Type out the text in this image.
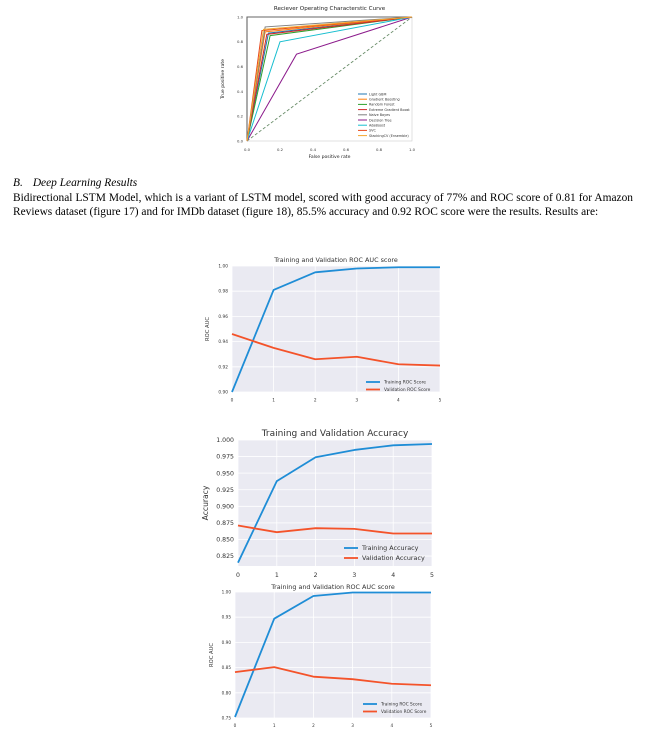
Reciever Operating Characterstic Curve
0.0	0.2	0.4	0.6	0.8	1.0
0.0
0.2
0.4
0.6
0.8
1.0
False positive rate
True positive rate	Light GBM
Gradient Boosting
Random Forest
Extreme Gradient Boost
Naive Bayes
Decision Tree
AdaBoost
SVC
StackingCV (Ensemble)

B. Deep Learning Results

Bidirectional LSTM Model, which is a variant of LSTM model, scored with good accuracy of 77% and ROC score of 0.81 for Amazon Reviews dataset (figure 17) and for IMDb dataset (figure 18), 85.5% accuracy and 0.92 ROC score were the results. Results are:

Training and Validation ROC AUC score
0.90
0.92
0.94
0.96
0.98
1.00
0	1	2	3	4	5
ROC AUC
Training ROC Score
Validation ROC Score
Training and Validation Accuracy
0.825
0.850
0.875
0.900
0.925
0.950
0.975
1.000
0	1	2	3	4	5
Accuracy
Training Accuracy
Validation Accuracy
Training and Validation ROC AUC score
0.75
0.80
0.85
0.90
0.95
1.00
0	1	2	3	4	5
ROC AUC
Training ROC Score
Validation ROC Score
